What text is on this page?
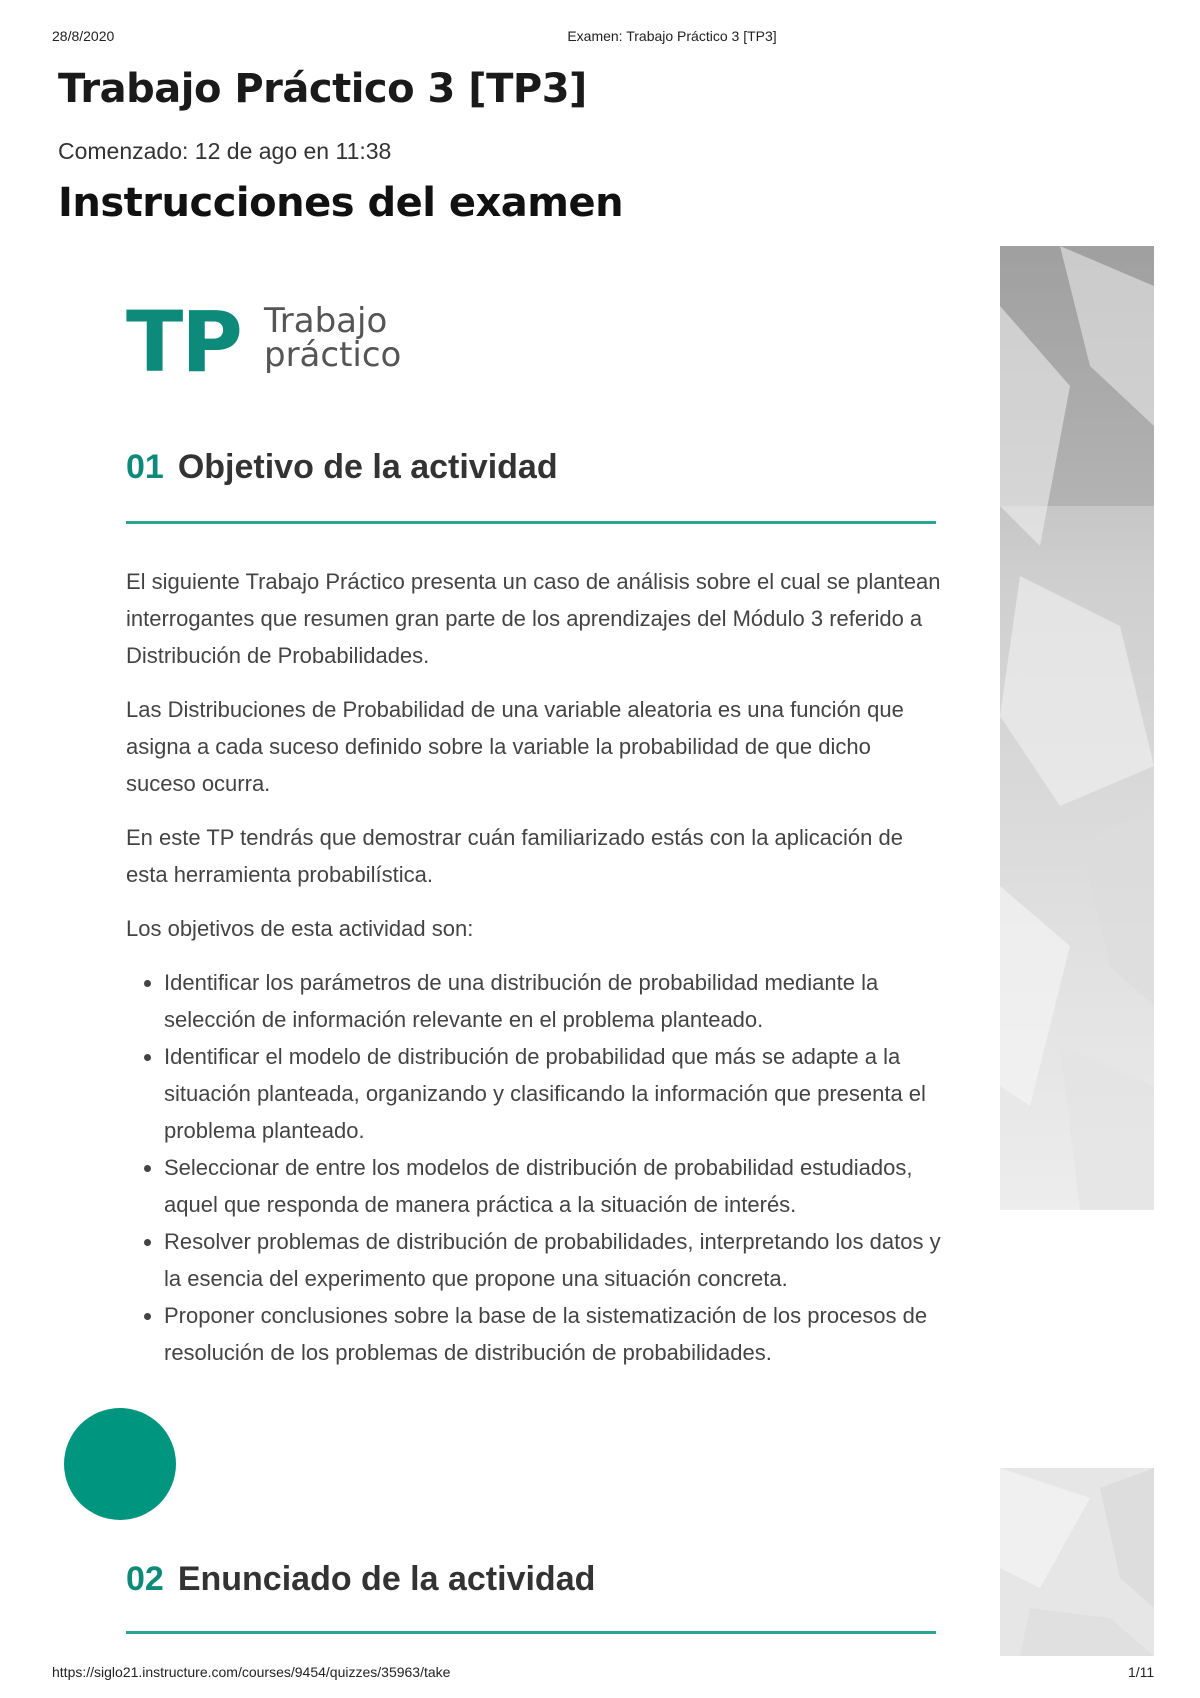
28/8/2020	Examen: Trabajo Práctico 3 [TP3]
Trabajo Práctico 3 [TP3]
Comenzado: 12 de ago en 11:38
Instrucciones del examen
TP Trabajo
práctico
01 Objetivo de la actividad

El siguiente Trabajo Práctico presenta un caso de análisis sobre el cual se plantean interrogantes que resumen gran parte de los aprendizajes del Módulo 3 referido a Distribución de Probabilidades.

Las Distribuciones de Probabilidad de una variable aleatoria es una función que asigna a cada suceso definido sobre la variable la probabilidad de que dicho suceso ocurra.

En este TP tendrás que demostrar cuán familiarizado estás con la aplicación de esta herramienta probabilística.

Los objetivos de esta actividad son:

• Identificar los parámetros de una distribución de probabilidad mediante la selección de información relevante en el problema planteado.
• Identificar el modelo de distribución de probabilidad que más se adapte a la situación planteada, organizando y clasificando la información que presenta el problema planteado.
• Seleccionar de entre los modelos de distribución de probabilidad estudiados, aquel que responda de manera práctica a la situación de interés.
• Resolver problemas de distribución de probabilidades, interpretando los datos y la esencia del experimento que propone una situación concreta.
• Proponer conclusiones sobre la base de la sistematización de los procesos de resolución de los problemas de distribución de probabilidades.
02 Enunciado de la actividad
https://siglo21.instructure.com/courses/9454/quizzes/35963/take	1/11
